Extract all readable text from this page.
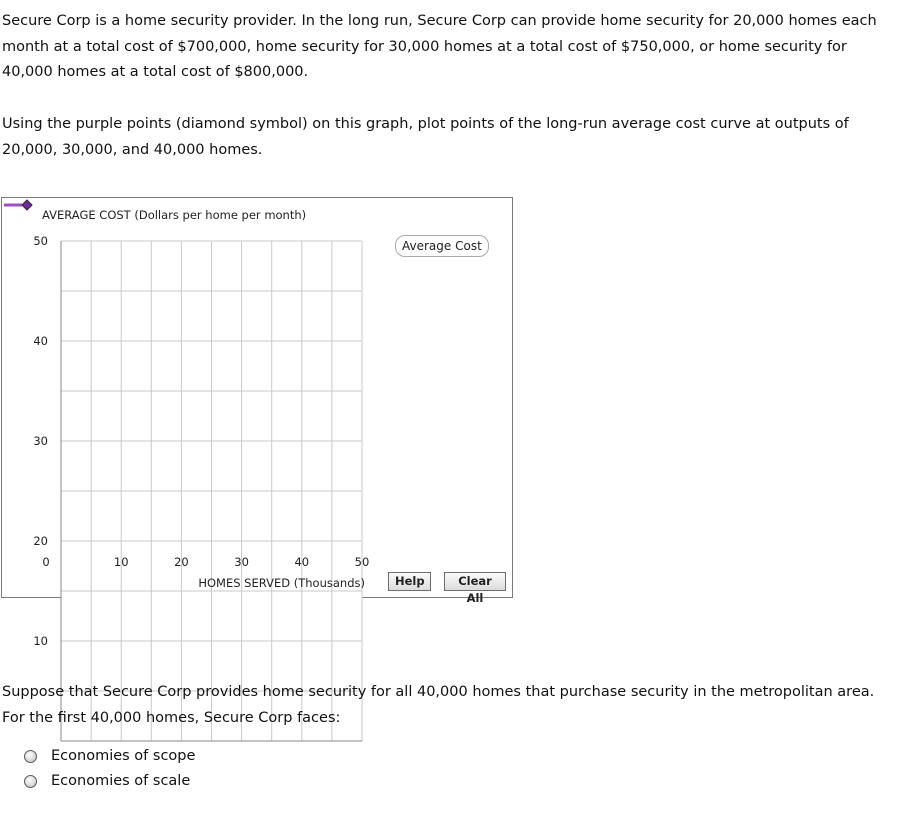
Secure Corp is a home security provider. In the long run, Secure Corp can provide home security for 20,000 homes each month at a total cost of $700,000, home security for 30,000 homes at a total cost of $750,000, or home security for 40,000 homes at a total cost of $800,000.

Using the purple points (diamond symbol) on this graph, plot points of the long-run average cost curve at outputs of 20,000, 30,000, and 40,000 homes.

10
20
30
40
50
0	10	20	30	40	50
AVERAGE COST (Dollars per home per month)
HOMES SERVED (Thousands)
Average Cost
Help	Clear All

Suppose that Secure Corp provides home security for all 40,000 homes that purchase security in the metropolitan area. For the first 40,000 homes, Secure Corp faces:

Economies of scope
Economies of scale
